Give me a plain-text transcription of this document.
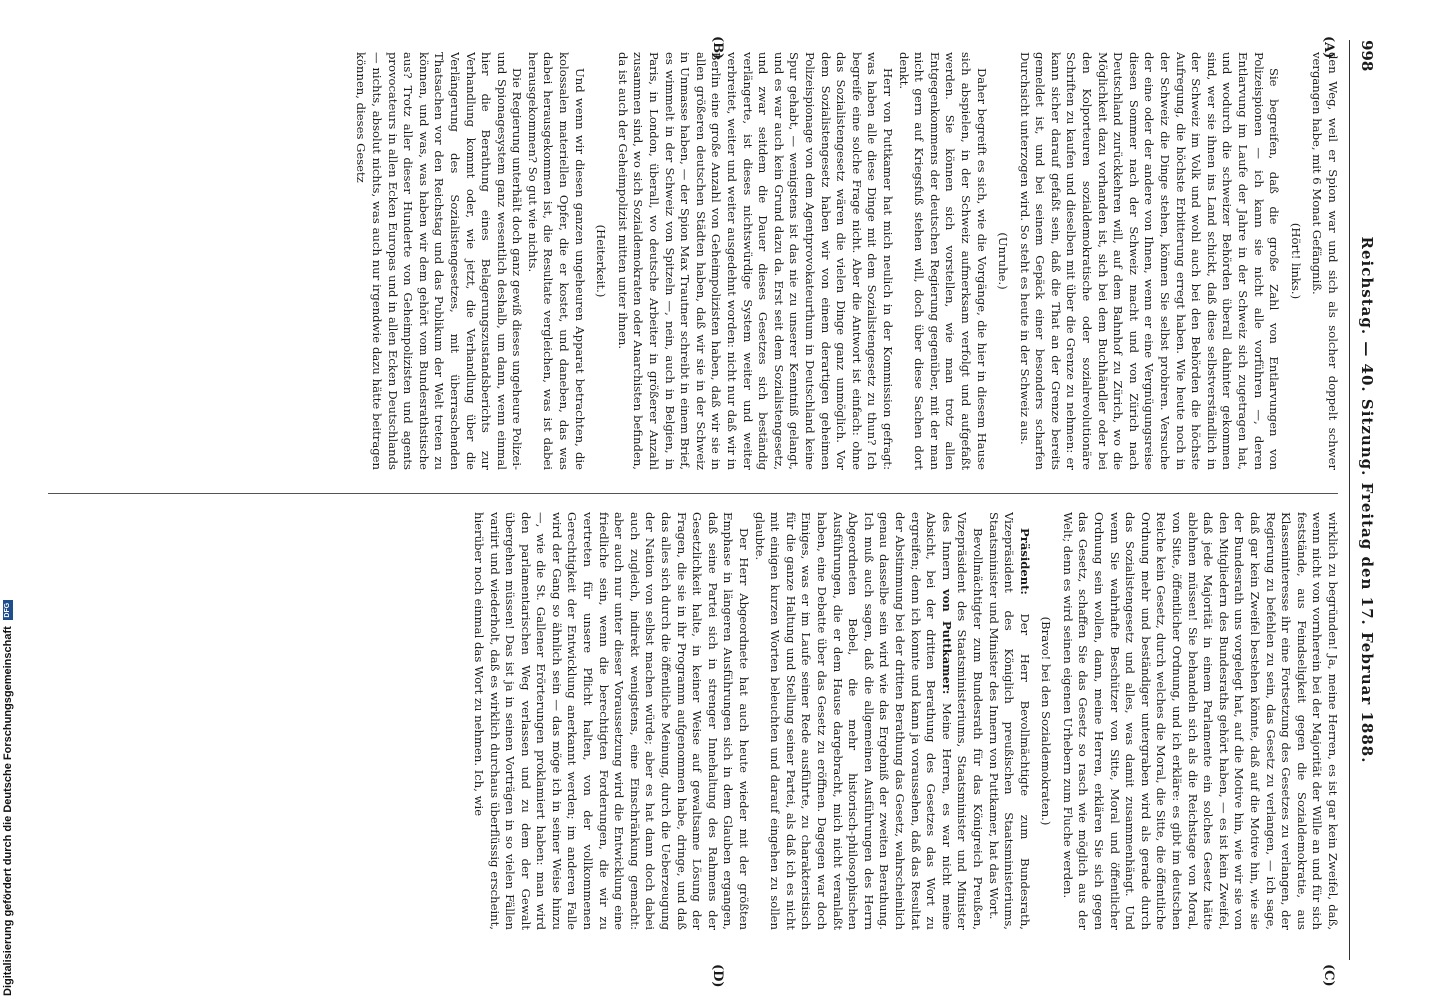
998
Reichstag. — 40. Sitzung. Freitag den 17. Februar 1888.
(A)
(B)
(C)
(D)

den Weg, weil er Spion war und sich als solcher doppelt schwer vergangen habe, mit 6 Monat Gefängniß.

(Hört! links.)

Sie begreifen, daß die große Zahl von Entlarvungen von Polizeispionen — ich kann sie nicht alle vorführen —, deren Entlarvung im Laufe der Jahre in der Schweiz sich zugetragen hat, und wodurch die schweizer Behörden überall dahinter gekommen sind, wer sie ihnen ins Land schickt, daß diese selbstverständlich in der Schweiz im Volk und wohl auch bei den Behörden die höchste Aufregung, die höchste Erbitterung erregt haben. Wie heute noch in der Schweiz die Dinge stehen, können Sie selbst probiren. Versuche der eine oder der andere von Ihnen, wenn er eine Vergnügungsreise diesen Sommer nach der Schweiz macht und von Zürich nach Deutschland zurückkehren will, auf dem Bahnhof zu Zürich, wo die Möglichkeit dazu vorhanden ist, sich bei dem Buchhändler oder bei den Kolporteuren sozialdemokratische oder sozialrevolutionäre Schriften zu kaufen und dieselben mit über die Grenze zu nehmen: er kann sicher darauf gefaßt sein, daß die That an der Grenze bereits gemeldet ist, und bei seinem Gepäck einer besonders scharfen Durchsicht unterzogen wird. So steht es heute in der Schweiz aus.

(Unruhe.)

Daher begreift es sich, wie die Vorgänge, die hier in diesem Hause sich abspielen, in der Schweiz aufmerksam verfolgt und aufgefaßt werden. Sie können sich vorstellen, wie man trotz allen Entgegenkommens der deutschen Regierung gegenüber, mit der man nicht gern auf Kriegsfuß stehen will, doch über diese Sachen dort denkt.

Herr von Puttkamer hat mich neulich in der Kommission gefragt: was haben alle diese Dinge mit dem Sozialistengesetz zu thun? Ich begreife eine solche Frage nicht. Aber die Antwort ist einfach: ohne das Sozialistengesetz wären die vielen Dinge ganz unmöglich. Vor dem Sozialistengesetz haben wir von einem derartigen geheimen Polizeispionage von dem Agentprovokateurthum in Deutschland keine Spur gehabt, — wenigstens ist das nie zu unserer Kenntniß gelangt, und es war auch kein Grund dazu da. Erst seit dem Sozialistengesetz, und zwar seitdem die Dauer dieses Gesetzes sich beständig verlängerte, ist dieses nichtswürdige System weiter und weiter verbreitet, weiter und weiter ausgedehnt worden: nicht nur daß wir in Berlin eine große Anzahl von Geheimpolizisten haben, daß wir sie in allen größeren deutschen Städten haben, daß wir sie in der Schweiz in Unmasse haben, — der Spion Max Trautner schreibt in einem Brief, es wimmelt in der Schweiz von Spitzeln —, nein, auch in Belgien, in Paris, in London, überall, wo deutsche Arbeiter in größerer Anzahl zusammen sind, wo sich Sozialdemokraten oder Anarchisten befinden, da ist auch der Geheimpolizist mitten unter ihnen.

(Heiterkeit.)

Und wenn wir diesen ganzen ungeheuren Apparat betrachten, die kolossalen materiellen Opfer, die er kostet, und daneben, das was dabei herausgekommen ist, die Resultate vergleichen, was ist dabei herausgekommen? So gut wie nichts.

Die Regierung unterhält doch ganz gewiß dieses ungeheure Polizei- und Spionagesystem ganz wesentlich deshalb, um dann, wenn einmal hier die Berathung eines Belagerungszustandsberichts zur Verhandlung kommt oder, wie jetzt, die Verhandlung über die Verlängerung des Sozialistengesetzes, mit überraschenden Thatsachen vor den Reichstag und das Publikum der Welt treten zu können, und was, was haben wir dem gehört vom Bundesrathstische aus? Trotz aller dieser Hunderte von Geheimpolizisten und agents provocateurs in allen Ecken Europas und in allen Ecken Deutschlands — nichts, absolut nichts, was auch nur irgendwie dazu hätte beitragen können, dieses Gesetz

wirklich zu begründen! Ja, meine Herren, es ist gar kein Zweifel, daß, wenn nicht von vornherein bei der Majorität der Wille an und für sich feststände, aus Feindseligkeit gegen die Sozialdemokratie, aus Klasseninteresse ihr eine Fortsetzung des Gesetzes zu verlangen, der Regierung zu befehlen zu sein, das Gesetz zu verlangen, — ich sage, daß gar kein Zweifel bestehen könnte, daß auf die Motive hin, wie sie der Bundesrath uns vorgelegt hat, auf die Motive hin, wie wir sie von den Mitgliedern des Bundesraths gehört haben, — es ist kein Zweifel, daß jede Majorität in einem Parlamente ein solches Gesetz hätte ablehnen müssen! Sie behandeln sich als die Reichstage von Moral, von Sitte, öffentlicher Ordnung, und ich erkläre: es gibt im deutschen Reiche kein Gesetz, durch welches die Moral, die Sitte, die öffentliche Ordnung mehr und beständiger untergraben wird als gerade durch das Sozialistengesetz und alles, was damit zusammenhängt. Und wenn Sie wahrhafte Beschützer von Sitte, Moral und öffentlicher Ordnung sein wollen, dann, meine Herren, erklären Sie sich gegen das Gesetz, schaffen Sie das Gesetz so rasch wie möglich aus der Welt; denn es wird seinen eigenen Urhebern zum Fluche werden.

(Bravo! bei den Sozialdemokraten.)

Präsident: Der Herr Bevollmächtigte zum Bundesrath, Vizepräsident des Königlich preußischen Staatsministeriums, Staatsminister und Minister des Innern von Puttkamer, hat das Wort.

Bevollmächtigter zum Bundesrath für das Königreich Preußen, Vizepräsident des Staatsministeriums, Staatsminister und Minister des Innern von Puttkamer: Meine Herren, es war nicht meine Absicht, bei der dritten Berathung des Gesetzes das Wort zu ergreifen; denn ich konnte und kann ja voraussehen, daß das Resultat der Abstimmung bei der dritten Berathung das Gesetz, wahrscheinlich genau dasselbe sein wird wie das Ergebniß der zweiten Berathung. Ich muß auch sagen, daß die allgemeinen Ausführungen des Herrn Abgeordneten Bebel, die mehr historisch-philosophischen Ausführungen, die er dem Hause dargebracht, mich nicht veranlaßt haben, eine Debatte über das Gesetz zu eröffnen. Dagegen war doch Einiges, was er im Laufe seiner Rede ausführte, zu charakteristisch für die ganze Haltung und Stellung seiner Partei, als daß ich es nicht mit einigen kurzen Worten beleuchten und darauf eingehen zu sollen glaubte.

Der Herr Abgeordnete hat auch heute wieder mit der größten Emphase in längeren Ausführungen sich in dem Glauben ergangen, daß seine Partei sich in strenger Innehaltung des Rahmens der Gesetzlichkeit halte, in keiner Weise auf gewaltsame Lösung der Fragen, die sie in ihr Programm aufgenommen habe, dringe, und daß das alles sich durch die öffentliche Meinung, durch die Ueberzeugung der Nation von selbst machen würde; aber es hat dann doch dabei auch zugleich, indirekt wenigstens, eine Einschränkung gemacht: aber auch nur unter dieser Voraussetzung wird die Entwicklung eine friedliche sein, wenn die berechtigten Forderungen, die wir zu vertreten für unsere Pflicht halten, von der vollkommenen Gerechtigkeit der Entwicklung anerkannt werden; im anderen Falle wird der Gang so ähnlich sein — das möge ich in seiner Weise hinzu —, wie die St. Gallener Erörterungen proklamiert haben: man wird den parlamentarischen Weg verlassen und zu dem der Gewalt übergehen müssen! Das ist ja in seinen Vorträgen in so vielen Fällen variirt und wiederholt, daß es wirklich durchaus überflüssig erscheint, hierüber noch einmal das Wort zu nehmen. Ich, wie

Digitalisierung gefördert durch die Deutsche ForschungsgemeinschaftDFG
